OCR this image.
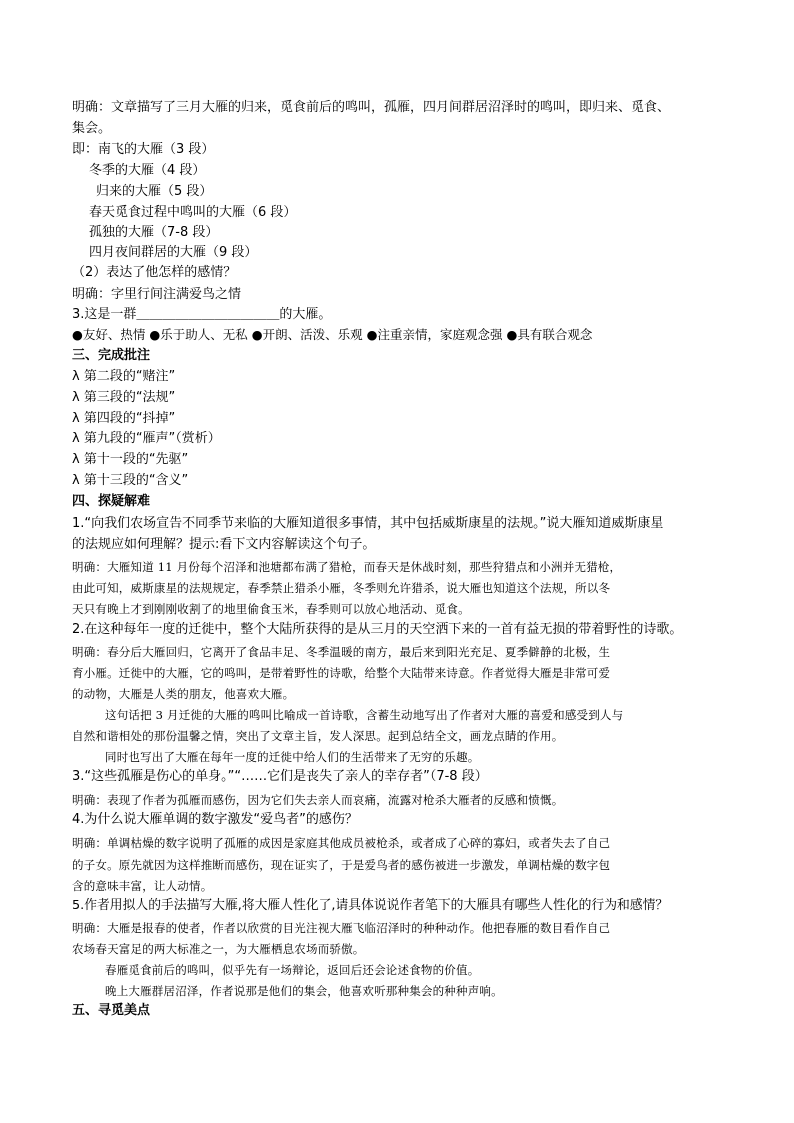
明确：文章描写了三月大雁的归来，觅食前后的鸣叫，孤雁，四月间群居沼泽时的鸣叫，即归来、觅食、
集会。
即：南飞的大雁（3 段）
冬季的大雁（4 段）
归来的大雁（5 段）
春天觅食过程中鸣叫的大雁（6 段）
孤独的大雁（7-8 段）
四月夜间群居的大雁（9 段）
（2）表达了他怎样的感情？
明确：字里行间注满爱鸟之情
3.这是一群＿＿＿＿＿＿＿＿＿＿＿的大雁。
●友好、热情 ●乐于助人、无私 ●开朗、活泼、乐观 ●注重亲情，家庭观念强 ●具有联合观念
三、完成批注
λ 第二段的“赌注”
λ 第三段的“法规”
λ 第四段的“抖掉”
λ 第九段的“雁声”（赏析）
λ 第十一段的“先驱”
λ 第十三段的“含义”
四、探疑解难
1.“向我们农场宣告不同季节来临的大雁知道很多事情，其中包括威斯康星的法规。”说大雁知道威斯康星
的法规应如何理解？提示:看下文内容解读这个句子。
明确：大雁知道 11 月份每个沼泽和池塘都布满了猎枪，而春天是休战时刻，那些狩猎点和小洲并无猎枪，
由此可知，威斯康星的法规规定，春季禁止猎杀小雁，冬季则允许猎杀，说大雁也知道这个法规，所以冬
天只有晚上才到刚刚收割了的地里偷食玉米，春季则可以放心地活动、觅食。
2.在这种每年一度的迁徙中，整个大陆所获得的是从三月的天空洒下来的一首有益无损的带着野性的诗歌。
明确：春分后大雁回归，它离开了食品丰足、冬季温暖的南方，最后来到阳光充足、夏季僻静的北极，生
育小雁。迁徙中的大雁，它的鸣叫，是带着野性的诗歌，给整个大陆带来诗意。作者觉得大雁是非常可爱
的动物，大雁是人类的朋友，他喜欢大雁。
这句话把 3 月迁徙的大雁的鸣叫比喻成一首诗歌，含蓄生动地写出了作者对大雁的喜爱和感受到人与
自然和谐相处的那份温馨之情，突出了文章主旨，发人深思。起到总结全文，画龙点睛的作用。
同时也写出了大雁在每年一度的迁徙中给人们的生活带来了无穷的乐趣。
3.“这些孤雁是伤心的单身。”“……它们是丧失了亲人的幸存者”（7-8 段）
明确：表现了作者为孤雁而感伤，因为它们失去亲人而哀痛，流露对枪杀大雁者的反感和愤慨。
4.为什么说大雁单调的数字激发“爱鸟者”的感伤？
明确：单调枯燥的数字说明了孤雁的成因是家庭其他成员被枪杀，或者成了心碎的寡妇，或者失去了自己
的子女。原先就因为这样推断而感伤，现在证实了，于是爱鸟者的感伤被进一步激发，单调枯燥的数字包
含的意味丰富，让人动情。
5.作者用拟人的手法描写大雁,将大雁人性化了,请具体说说作者笔下的大雁具有哪些人性化的行为和感情？
明确：大雁是报春的使者，作者以欣赏的目光注视大雁飞临沼泽时的种种动作。他把春雁的数目看作自己
农场春天富足的两大标准之一，为大雁栖息农场而骄傲。
春雁觅食前后的鸣叫，似乎先有一场辩论，返回后还会论述食物的价值。
晚上大雁群居沼泽，作者说那是他们的集会，他喜欢听那种集会的种种声响。
五、寻觅美点
